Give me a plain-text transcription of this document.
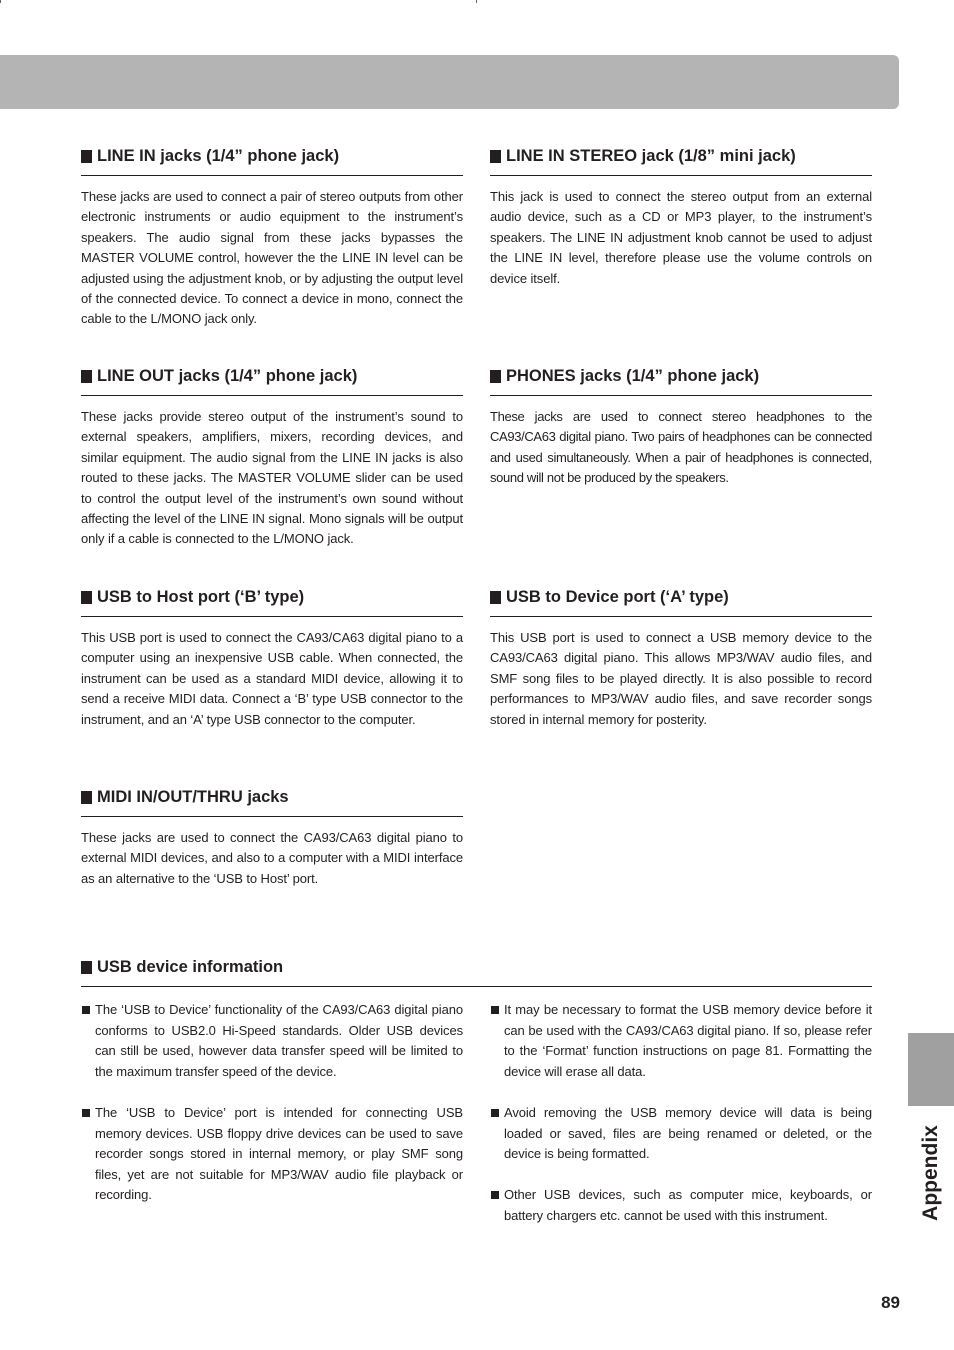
LINE IN jacks (1/4” phone jack)
These jacks are used to connect a pair of stereo outputs from other electronic instruments or audio equipment to the instrument’s speakers. The audio signal from these jacks bypasses the MASTER VOLUME control, however the the LINE IN level can be adjusted using the adjustment knob, or by adjusting the output level of the connected device. To connect a device in mono, connect the cable to the L/MONO jack only.
LINE IN STEREO jack (1/8” mini jack)
This jack is used to connect the stereo output from an external audio device, such as a CD or MP3 player, to the instrument’s speakers. The LINE IN adjustment knob cannot be used to adjust the LINE IN level, therefore please use the volume controls on device itself.
LINE OUT jacks (1/4” phone jack)
These jacks provide stereo output of the instrument’s sound to external speakers, amplifiers, mixers, recording devices, and similar equipment. The audio signal from the LINE IN jacks is also routed to these jacks. The MASTER VOLUME slider can be used to control the output level of the instrument’s own sound without affecting the level of the LINE IN signal. Mono signals will be output only if a cable is connected to the L/MONO jack.
PHONES jacks (1/4” phone jack)
These jacks are used to connect stereo headphones to the CA93/CA63 digital piano. Two pairs of headphones can be connected and used simultaneously. When a pair of headphones is connected, sound will not be produced by the speakers.
USB to Host port (‘B’ type)
This USB port is used to connect the CA93/CA63 digital piano to a computer using an inexpensive USB cable. When connected, the instrument can be used as a standard MIDI device, allowing it to send a receive MIDI data. Connect a ‘B’ type USB connector to the instrument, and an ‘A’ type USB connector to the computer.
USB to Device port (‘A’ type)
This USB port is used to connect a USB memory device to the CA93/CA63 digital piano. This allows MP3/WAV audio files, and SMF song files to be played directly. It is also possible to record performances to MP3/WAV audio files, and save recorder songs stored in internal memory for posterity.
MIDI IN/OUT/THRU jacks
These jacks are used to connect the CA93/CA63 digital piano to external MIDI devices, and also to a computer with a MIDI interface as an alternative to the ‘USB to Host’ port.
USB device information
The ‘USB to Device’ functionality of the CA93/CA63 digital piano conforms to USB2.0 Hi-Speed standards. Older USB devices can still be used, however data transfer speed will be limited to the maximum transfer speed of the device.
The ‘USB to Device’ port is intended for connecting USB memory devices. USB floppy drive devices can be used to save recorder songs stored in internal memory, or play SMF song files, yet are not suitable for MP3/WAV audio file playback or recording.
It may be necessary to format the USB memory device before it can be used with the CA93/CA63 digital piano. If so, please refer to the ‘Format’ function instructions on page 81. Formatting the device will erase all data.
Avoid removing the USB memory device will data is being loaded or saved, files are being renamed or deleted, or the device is being formatted.
Other USB devices, such as computer mice, keyboards, or battery chargers etc. cannot be used with this instrument.	Appendix
89
